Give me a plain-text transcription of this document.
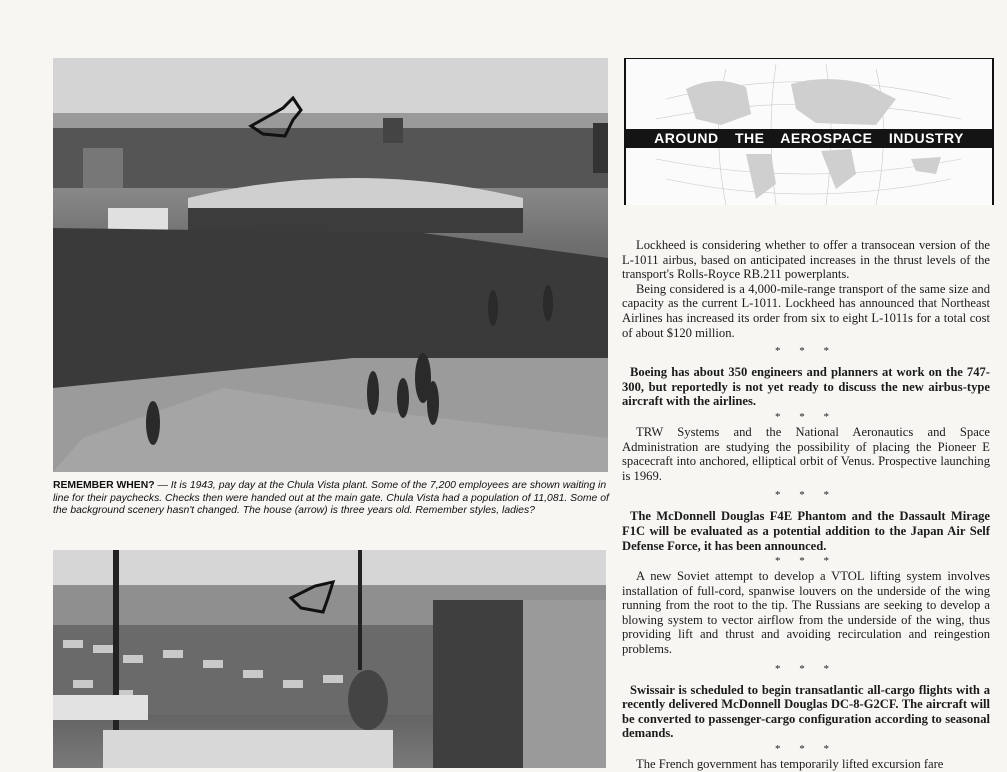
REMEMBER WHEN? — It is 1943, pay day at the Chula Vista plant. Some of the 7,200 employees are shown waiting in line for their paychecks. Checks then were handed out at the main gate. Chula Vista had a population of 11,081. Some of the background scenery hasn't changed. The house (arrow) is three years old. Remember styles, ladies?
AROUND THE AEROSPACE INDUSTRY

Lockheed is considering whether to offer a transocean version of the L-1011 airbus, based on anticipated increases in the thrust levels of the transport's Rolls-Royce RB.211 powerplants.

Being considered is a 4,000-mile-range transport of the same size and capacity as the current L-1011. Lockheed has announced that Northeast Airlines has increased its order from six to eight L-1011s for a total cost of about $120 million.

* * *

Boeing has about 350 engineers and planners at work on the 747-300, but reportedly is not yet ready to discuss the new airbus-type aircraft with the airlines.

* * *

TRW Systems and the National Aeronautics and Space Administration are studying the possibility of placing the Pioneer E spacecraft into anchored, elliptical orbit of Venus. Prospective launching is 1969.

* * *

The McDonnell Douglas F4E Phantom and the Dassault Mirage F1C will be evaluated as a potential addition to the Japan Air Self Defense Force, it has been announced.

* * *

A new Soviet attempt to develop a VTOL lifting system involves installation of full-cord, spanwise louvers on the underside of the wing running from the root to the tip. The Russians are seeking to develop a blowing system to vector airflow from the underside of the wing, thus providing lift and thrust and avoiding recirculation and reingestion problems.

* * *

Swissair is scheduled to begin transatlantic all-cargo flights with a recently delivered McDonnell Douglas DC-8-G2CF. The aircraft will be converted to passenger-cargo configuration according to seasonal demands.

* * *

The French government has temporarily lifted excursion fare
